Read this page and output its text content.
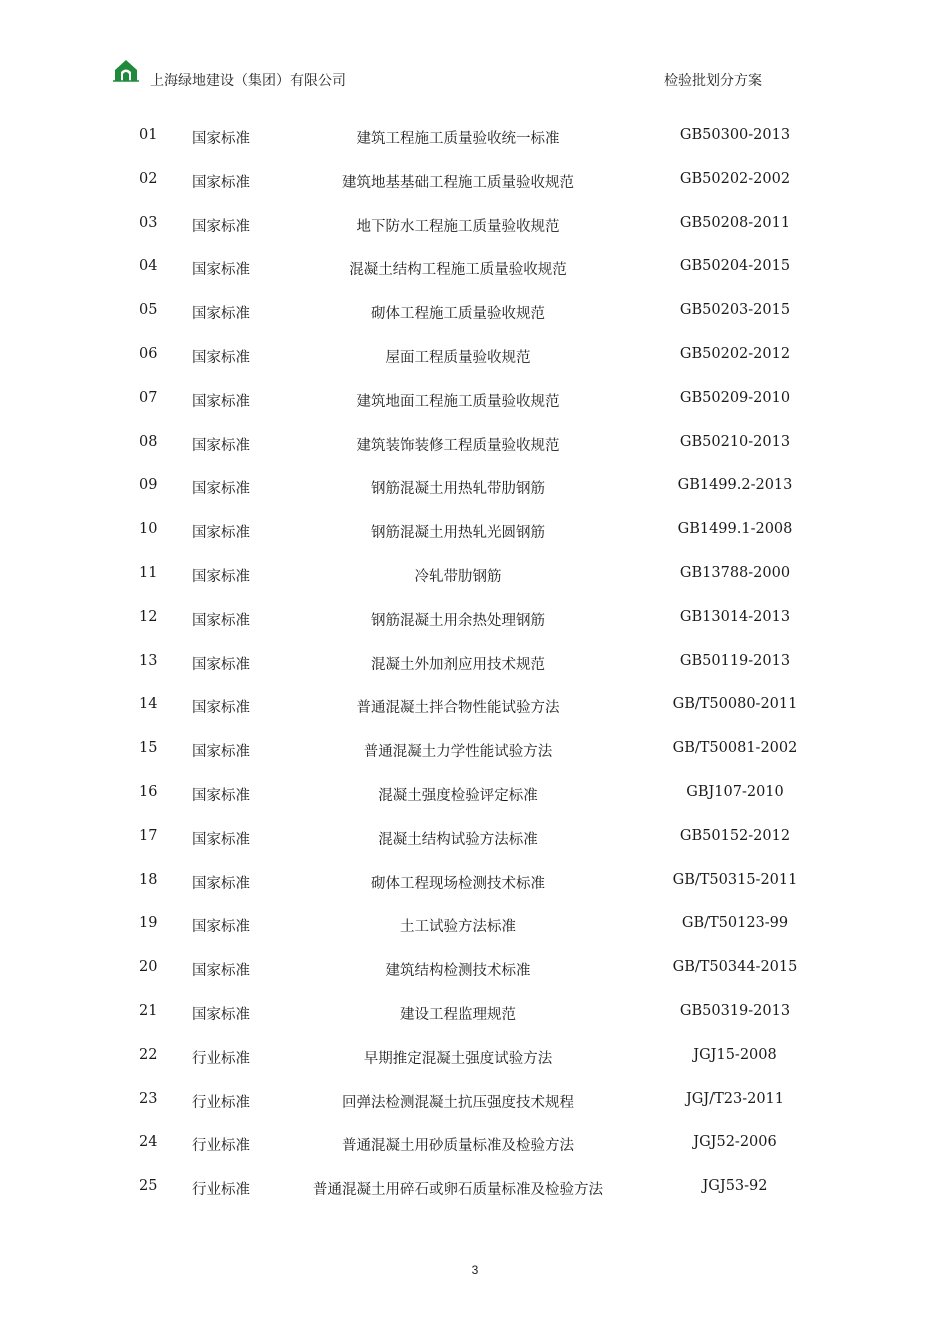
上海绿地建设（集团）有限公司	检验批划分方案
01 国家标准	建筑工程施工质量验收统一标准	GB50300-2013
02 国家标准	建筑地基基础工程施工质量验收规范	GB50202-2002
03 国家标准	地下防水工程施工质量验收规范	GB50208-2011
04 国家标准	混凝土结构工程施工质量验收规范	GB50204-2015
05 国家标准	砌体工程施工质量验收规范	GB50203-2015
06 国家标准	屋面工程质量验收规范	GB50202-2012
07 国家标准	建筑地面工程施工质量验收规范	GB50209-2010
08 国家标准	建筑装饰装修工程质量验收规范	GB50210-2013
09 国家标准	钢筋混凝土用热轧带肋钢筋	GB1499.2-2013
10 国家标准	钢筋混凝土用热轧光圆钢筋	GB1499.1-2008
11 国家标准	冷轧带肋钢筋	GB13788-2000
12 国家标准	钢筋混凝土用余热处理钢筋	GB13014-2013
13 国家标准	混凝土外加剂应用技术规范	GB50119-2013
14 国家标准	普通混凝土拌合物性能试验方法	GB/T50080-2011
15 国家标准	普通混凝土力学性能试验方法	GB/T50081-2002
16 国家标准	混凝土强度检验评定标准	GBJ107-2010
17 国家标准	混凝土结构试验方法标准	GB50152-2012
18 国家标准	砌体工程现场检测技术标准	GB/T50315-2011
19 国家标准	土工试验方法标准	GB/T50123-99
20 国家标准	建筑结构检测技术标准	GB/T50344-2015
21 国家标准	建设工程监理规范	GB50319-2013
22 行业标准	早期推定混凝土强度试验方法	JGJ15-2008
23 行业标准	回弹法检测混凝土抗压强度技术规程	JGJ/T23-2011
24 行业标准	普通混凝土用砂质量标准及检验方法	JGJ52-2006
25 行业标准	普通混凝土用碎石或卵石质量标准及检验方法	JGJ53-92
3
